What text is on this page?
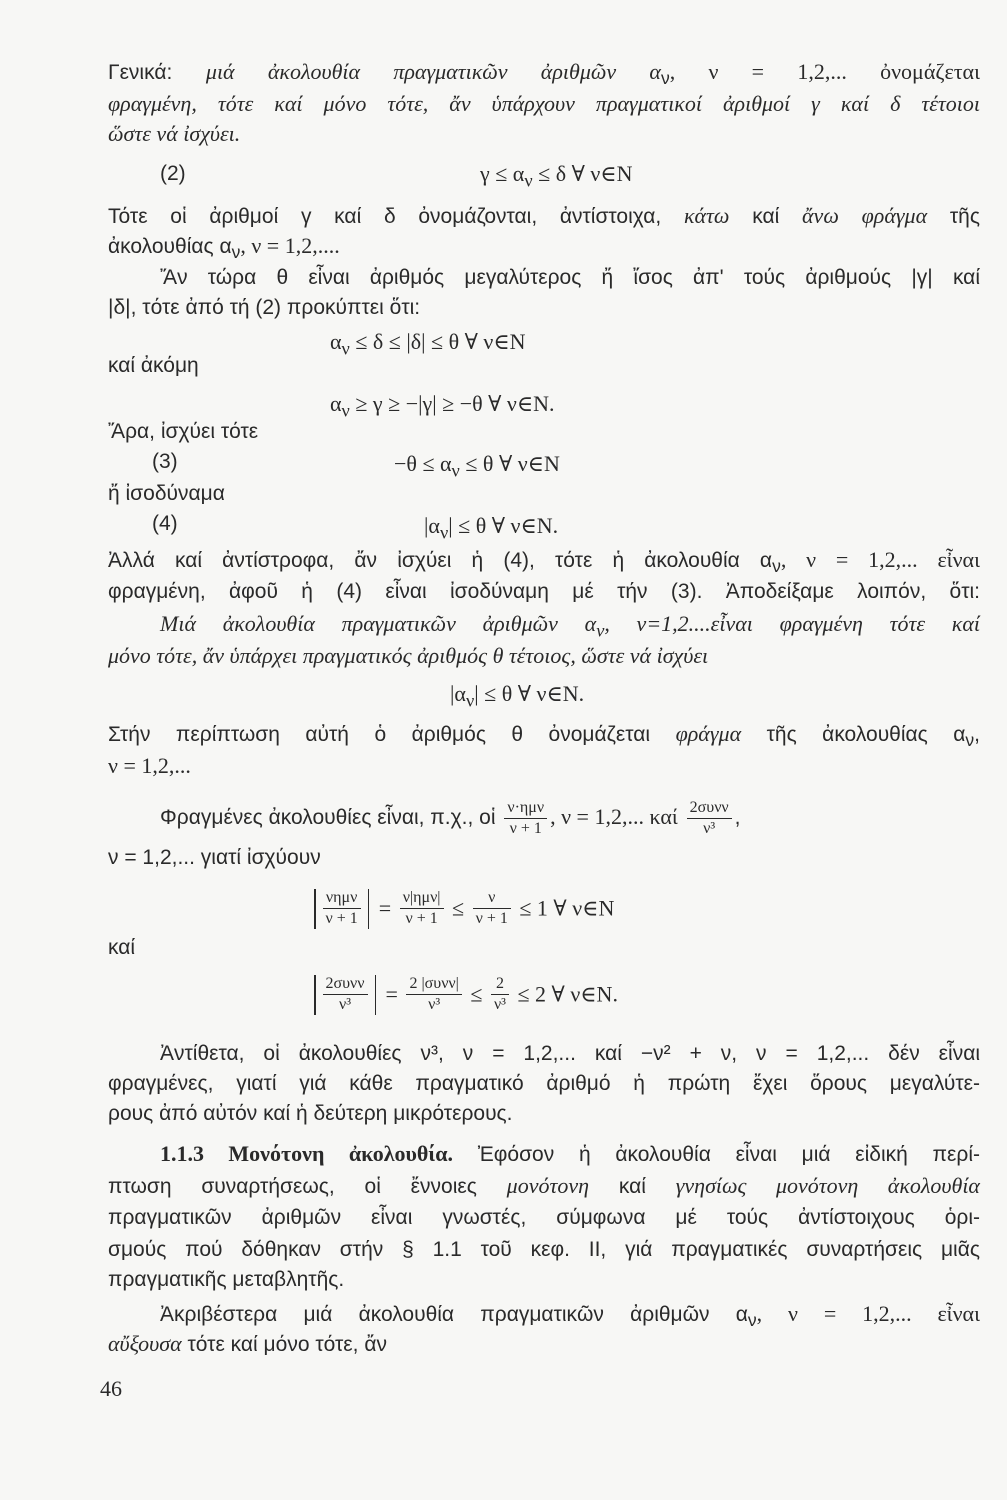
Γενικά: μιά ἀκολουθία πραγματικῶν ἀριθμῶν $\alpha_\nu$, ν = 1,2,... ὀνομάζεται
φραγμένη, τότε καί μόνο τότε, ἄν ὑπάρχουν πραγματικοί ἀριθμοί γ καί δ τέτοιοι
ὥστε νά ἰσχύει.
(2)	$\gamma \le \alpha_\nu \le \delta$ ∀ ν∈N
Τότε οἱ ἀριθμοί γ καί δ ὀνομάζονται, ἀντίστοιχα, κάτω καί ἄνω φράγμα τῆς
ἀκολουθίας $\alpha_\nu$, ν = 1,2,....
Ἄν τώρα θ εἶναι ἀριθμός μεγαλύτερος ἤ ἴσος ἀπ' τούς ἀριθμούς |γ| καί
|δ|, τότε ἀπό τή (2) προκύπτει ὅτι:
$\alpha_\nu \le \delta \le |\delta| \le \theta$ ∀ ν∈N
καί ἀκόμη
$\alpha_\nu \ge \gamma \ge -|\gamma| \ge -\theta$ ∀ ν∈N.
Ἄρα, ἰσχύει τότε
(3)	$-\theta \le \alpha_\nu \le \theta$ ∀ ν∈N
ἤ ἰσοδύναμα
(4)	$|\alpha_\nu| \le \theta$ ∀ ν∈N.
Ἀλλά καί ἀντίστροφα, ἄν ἰσχύει ἡ (4), τότε ἡ ἀκολουθία $\alpha_\nu$, ν = 1,2,... εἶναι
φραγμένη, ἀφοῦ ἡ (4) εἶναι ἰσοδύναμη μέ τήν (3). Ἀποδείξαμε λοιπόν, ὅτι:
Μιά ἀκολουθία πραγματικῶν ἀριθμῶν $\alpha_\nu$, ν=1,2....εἶναι φραγμένη τότε καί
μόνο τότε, ἄν ὑπάρχει πραγματικός ἀριθμός θ τέτοιος, ὥστε νά ἰσχύει
$|\alpha_\nu| \le \theta$ ∀ ν∈N.
Στήν περίπτωση αὐτή ὁ ἀριθμός θ ὀνομάζεται φράγμα τῆς ἀκολουθίας $\alpha_\nu$,
ν = 1,2,...
Φραγμένες ἀκολουθίες εἶναι, π.χ., οἱ $\frac{\text{ν·ημν}}{\nu + 1}$ , ν = 1,2,... καί $\frac{\text{2συνν}}{\text{ν³}}$ ,
ν = 1,2,... γιατί ἰσχύουν
$\frac{\text{νημν}}{\nu + 1} = \frac{\text{ν|ημν|}}{\nu + 1} \le \frac{\nu}{\nu + 1} \le 1$ ∀ ν∈N
καί
$\frac{\text{2συνν}}{\text{ν³}} = \frac{\text{2 |συνν|}}{\text{ν³}} \le \frac{2}{\text{ν³}} \le 2$ ∀ ν∈N.
Ἀντίθετα, οἱ ἀκολουθίες ν³, ν = 1,2,... καί −ν² + ν, ν = 1,2,... δέν εἶναι
φραγμένες, γιατί γιά κάθε πραγματικό ἀριθμό ἡ πρώτη ἔχει ὅρους μεγαλύτε-
ρους ἀπό αὐτόν καί ἡ δεύτερη μικρότερους.
1.1.3 Μονότονη ἀκολουθία. Ἐφόσον ἡ ἀκολουθία εἶναι μιά εἰδική περί-
πτωση συναρτήσεως, οἱ ἔννοιες μονότονη καί γνησίως μονότονη ἀκολουθία
πραγματικῶν ἀριθμῶν εἶναι γνωστές, σύμφωνα μέ τούς ἀντίστοιχους ὁρι-
σμούς πού δόθηκαν στήν § 1.1 τοῦ κεφ. ΙΙ, γιά πραγματικές συναρτήσεις μιᾶς
πραγματικῆς μεταβλητῆς.
Ἀκριβέστερα μιά ἀκολουθία πραγματικῶν ἀριθμῶν $\alpha_\nu$, ν = 1,2,... εἶναι
αὔξουσα τότε καί μόνο τότε, ἄν
46
